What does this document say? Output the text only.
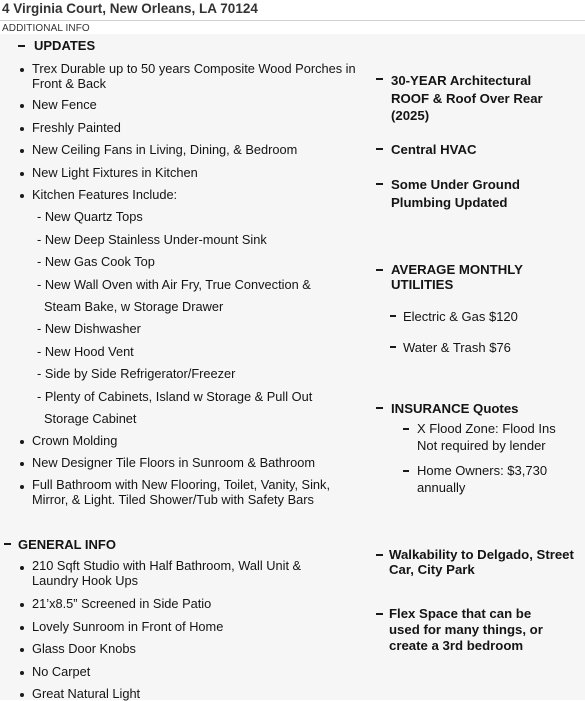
4 Virginia Court, New Orleans, LA 70124
ADDITIONAL INFO
UPDATES
Trex Durable up to 50 years Composite Wood Porches in Front & Back
New Fence
Freshly Painted
New Ceiling Fans in Living, Dining, & Bedroom
New Light Fixtures in Kitchen
Kitchen Features Include:
- New Quartz Tops
- New Deep Stainless Under-mount Sink
- New Gas Cook Top
- New Wall Oven with Air Fry, True Convection &
Steam Bake, w Storage Drawer
- New Dishwasher
- New Hood Vent
- Side by Side Refrigerator/Freezer
- Plenty of Cabinets, Island w Storage & Pull Out
Storage Cabinet
Crown Molding
New Designer Tile Floors in Sunroom & Bathroom
Full Bathroom with New Flooring, Toilet, Vanity, Sink, Mirror, & Light. Tiled Shower/Tub with Safety Bars
GENERAL INFO
210 Sqft Studio with Half Bathroom, Wall Unit & Laundry Hook Ups
21’x8.5” Screened in Side Patio
Lovely Sunroom in Front of Home
Glass Door Knobs
No Carpet
Great Natural Light
30-YEAR Architectural ROOF & Roof Over Rear (2025)
Central HVAC
Some Under Ground Plumbing Updated
AVERAGE MONTHLY UTILITIES
Electric & Gas $120
Water & Trash $76
INSURANCE Quotes
X Flood Zone: Flood Ins Not required by lender
Home Owners: $3,730 annually
Walkability to Delgado, Street Car, City Park
Flex Space that can be used for many things, or create a 3rd bedroom
